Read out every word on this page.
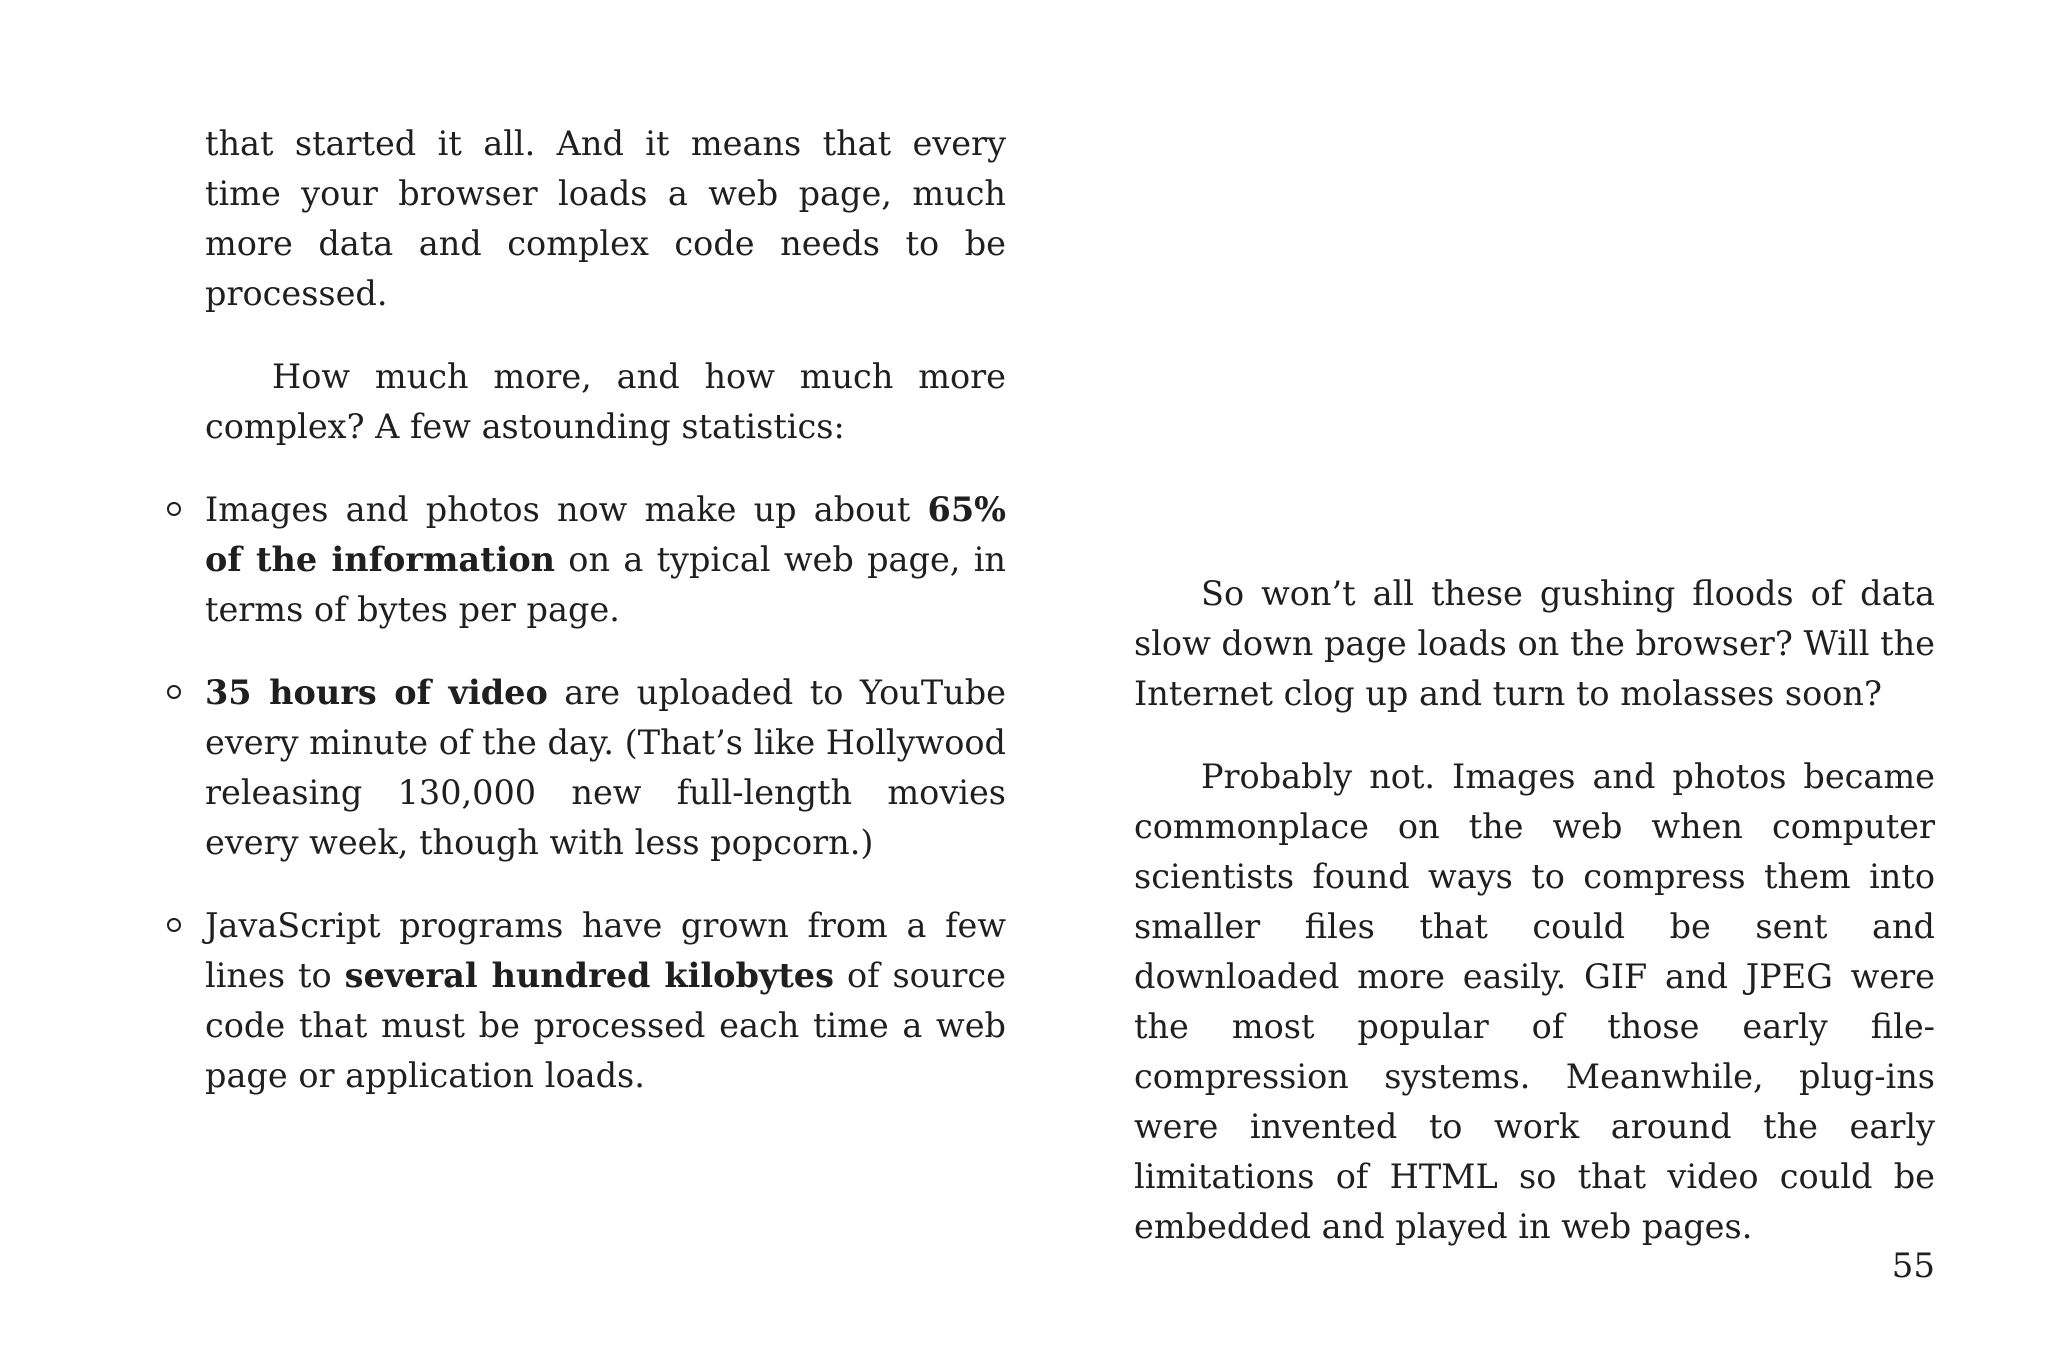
that started it all. And it means that every time your browser loads a web page, much more data and complex code needs to be processed.

How much more, and how much more complex? A few astounding statistics:

Images and photos now make up about 65% of the information on a typical web page, in terms of bytes per page.
35 hours of video are uploaded to YouTube every minute of the day. (That’s like Hollywood releasing 130,000 new full-length movies every week, though with less popcorn.)
JavaScript programs have grown from a few lines to several hundred kilobytes of source code that must be processed each time a web page or application loads.

So won’t all these gushing floods of data slow down page loads on the browser? Will the Internet clog up and turn to molasses soon?

Probably not. Images and photos became commonplace on the web when computer scientists found ways to compress them into smaller files that could be sent and downloaded more easily. GIF and JPEG were the most popular of those early file-compression systems. Meanwhile, plug-ins were invented to work around the early limitations of HTML so that video could be embedded and played in web pages.

55
